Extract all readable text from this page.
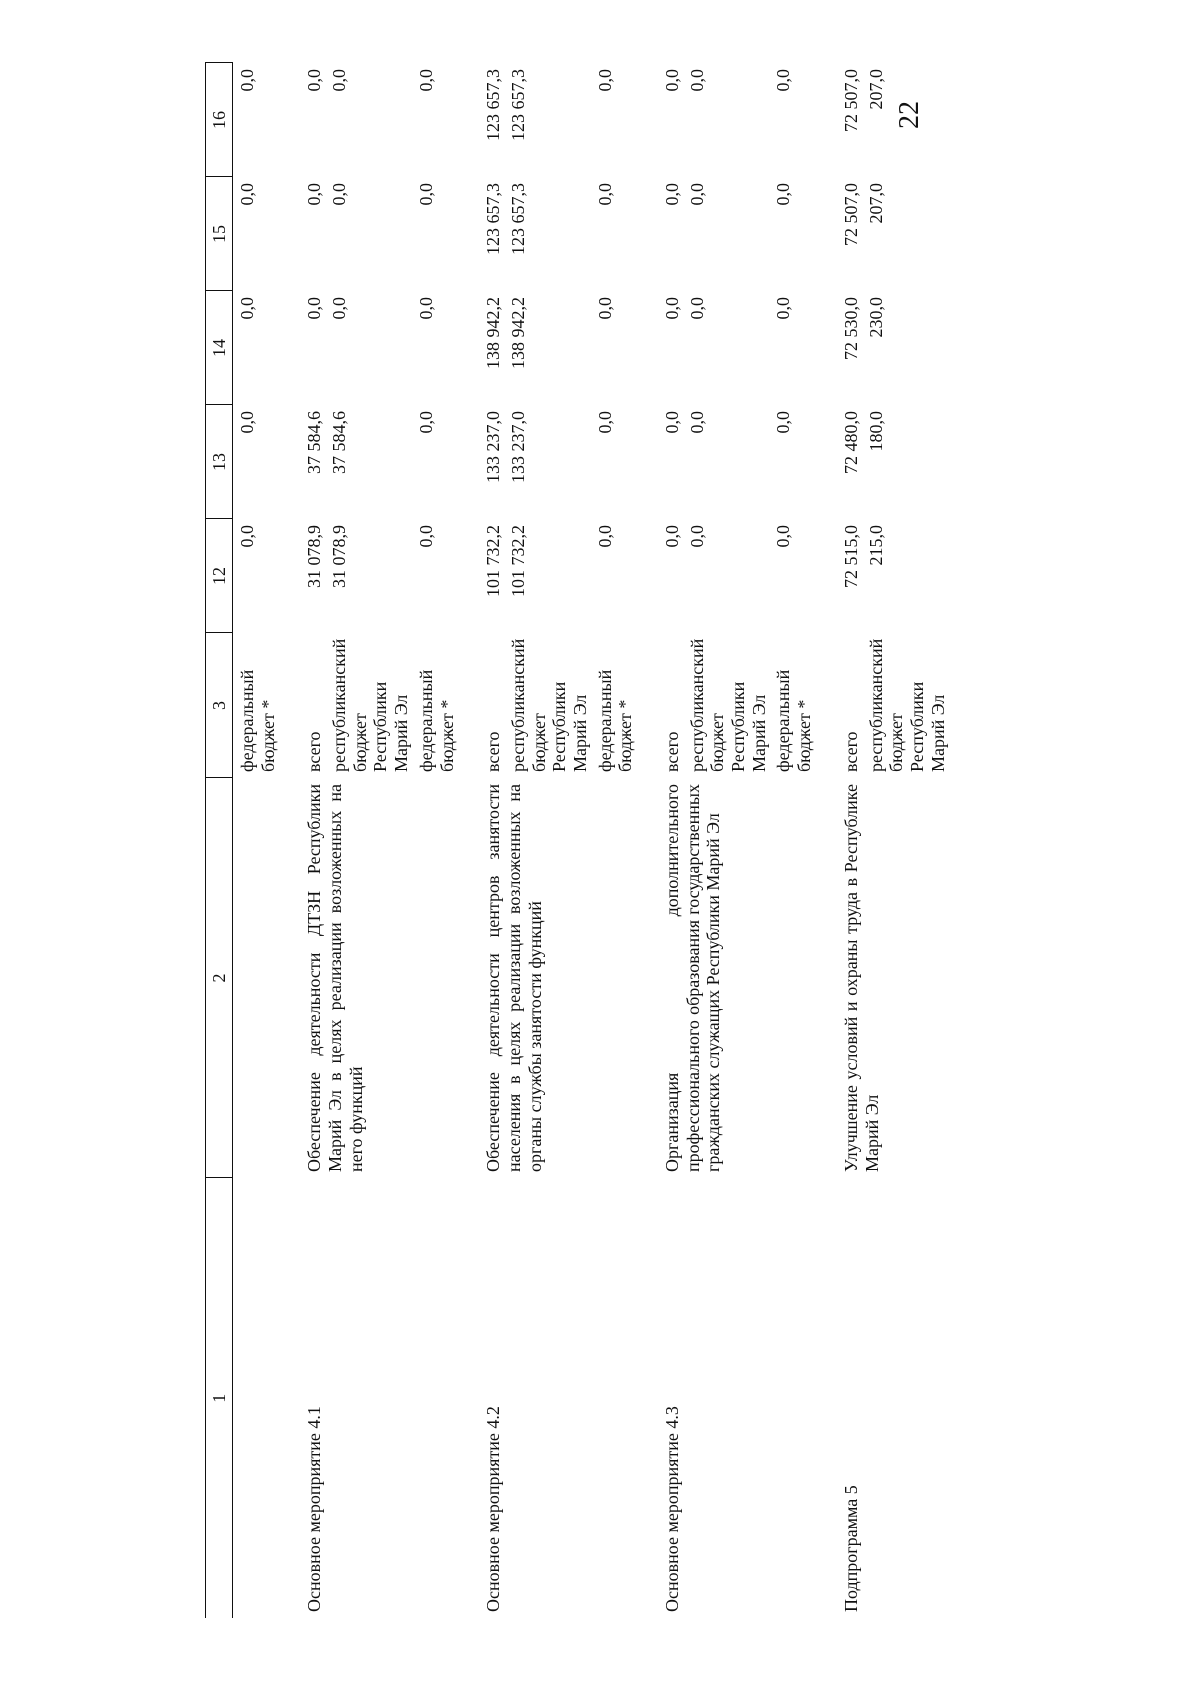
22
1	2	3	12	13	14	15	16
		федеральный бюджет *	0,0	0,0	0,0	0,0	0,0
Основное мероприятие 4.1	Обеспечение деятельности ДТЗН Республики Марий Эл в целях реализации возложенных на него функций	всего	31 078,9	37 584,6	0,0	0,0	0,0
		республиканский бюджет Республики Марий Эл	31 078,9	37 584,6	0,0	0,0	0,0
		федеральный бюджет *	0,0	0,0	0,0	0,0	0,0
Основное мероприятие 4.2	Обеспечение деятельности центров занятости населения в целях реализации возложенных на органы службы занятости функций	всего	101 732,2	133 237,0	138 942,2	123 657,3	123 657,3
		республиканский бюджет Республики Марий Эл	101 732,2	133 237,0	138 942,2	123 657,3	123 657,3
		федеральный бюджет *	0,0	0,0	0,0	0,0	0,0
Основное мероприятие 4.3	Организация дополнительного профессионального образования государственных гражданских служащих Республики Марий Эл	всего	0,0	0,0	0,0	0,0	0,0
		республиканский бюджет Республики Марий Эл	0,0	0,0	0,0	0,0	0,0
		федеральный бюджет *	0,0	0,0	0,0	0,0	0,0
Подпрограмма 5	Улучшение условий и охраны труда в Республике Марий Эл	всего	72 515,0	72 480,0	72 530,0	72 507,0	72 507,0
		республиканский бюджет Республики Марий Эл	215,0	180,0	230,0	207,0	207,0
